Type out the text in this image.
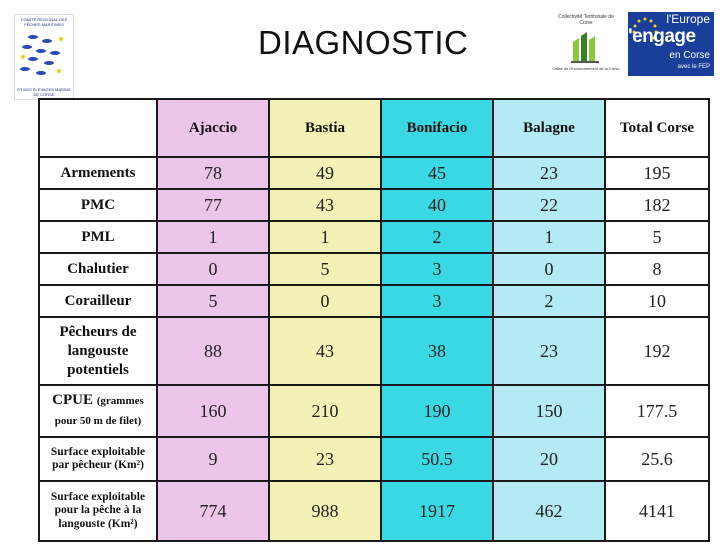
COMITÉ RÉGIONAL DES PÊCHES MARITIMES
ET DES ÉLEVAGES MARINS DE CORSE
DIAGNOSTIC
Collectivité Territoriale de Corse
Office de l'Environnement de la Corse
l'Europe
s'engage
en Corse
avec le FEP
	Ajaccio	Bastia	Bonifacio	Balagne	Total Corse
Armements	78	49	45	23	195
PMC	77	43	40	22	182
PML	1	1	2	1	5
Chalutier	0	5	3	0	8
Corailleur	5	0	3	2	10
Pêcheurs de langouste potentiels	88	43	38	23	192
CPUE (grammes pour 50 m de filet)	160	210	190	150	177.5
Surface exploitable par pêcheur (Km²)	9	23	50.5	20	25.6
Surface exploitable pour la pêche à la langouste (Km²)	774	988	1917	462	4141
